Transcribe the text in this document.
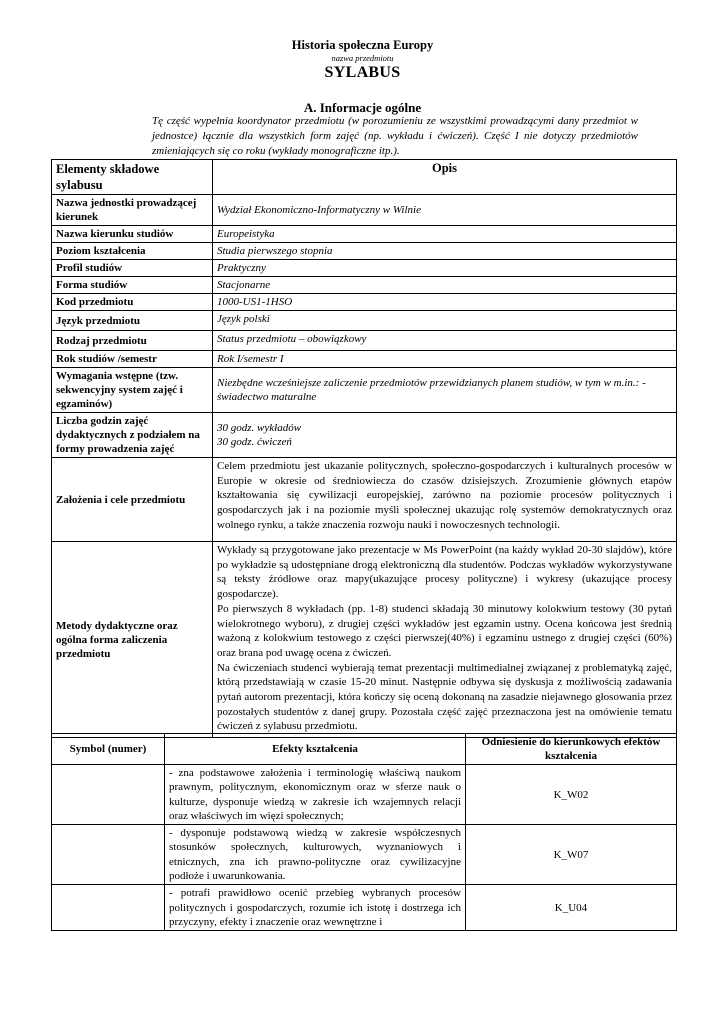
Historia społeczna Europy
nazwa przedmiotu
SYLABUS
A. Informacje ogólne
Tę część wypełnia koordynator przedmiotu (w porozumieniu ze wszystkimi prowadzącymi dany przedmiot w jednostce) łącznie dla wszystkich form zajęć (np. wykładu i ćwiczeń). Część I nie dotyczy przedmiotów zmieniających się co roku (wykłady monograficzne itp.).
Elementy składowe sylabusu	Opis
Nazwa jednostki prowadzącej kierunek	Wydział Ekonomiczno-Informatyczny w Wilnie
Nazwa kierunku studiów	Europeistyka
Poziom kształcenia	Studia pierwszego stopnia
Profil studiów	Praktyczny
Forma studiów	Stacjonarne
Kod przedmiotu	1000-US1-1HSO
Język przedmiotu	Język polski
Rodzaj przedmiotu	Status przedmiotu – obowiązkowy
Rok studiów /semestr	Rok I/semestr I
Wymagania wstępne (tzw. sekwencyjny system zajęć i egzaminów)	Niezbędne wcześniejsze zaliczenie przedmiotów przewidzianych planem studiów, w tym w m.in.: - świadectwo maturalne
Liczba godzin zajęć dydaktycznych z podziałem na formy prowadzenia zajęć	30 godz. wykładów
30 godz. ćwiczeń

Założenia i cele przedmiotu	Celem przedmiotu jest ukazanie politycznych, społeczno-gospodarczych i kulturalnych procesów w Europie w okresie od średniowiecza do czasów dzisiejszych. Zrozumienie głównych etapów kształtowania się cywilizacji europejskiej, zarówno na poziomie procesów politycznych i gospodarczych jak i na poziomie myśli społecznej ukazując rolę systemów demokratycznych oraz wolnego rynku, a także znaczenia rozwoju nauki i nowoczesnych technologii.
Metody dydaktyczne oraz ogólna forma zaliczenia przedmiotu	Wykłady są przygotowane jako prezentacje w Ms PowerPoint (na każdy wykład 20-30 slajdów), które po wykładzie są udostępniane drogą elektroniczną dla studentów. Podczas wykładów wykorzystywane są teksty źródłowe oraz mapy(ukazujące procesy polityczne) i wykresy (ukazujące procesy gospodarcze).
Po pierwszych 8 wykładach (pp. 1-8) studenci składają 30 minutowy kolokwium testowy (30 pytań wielokrotnego wyboru), z drugiej części wykładów jest egzamin ustny. Ocena końcowa jest średnią ważoną z kolokwium testowego z części pierwszej(40%) i egzaminu ustnego z drugiej części (60%) oraz brana pod uwagę ocena z ćwiczeń.
Na ćwiczeniach studenci wybierają temat prezentacji multimedialnej związanej z problematyką zajęć, którą przedstawiają w czasie 15-20 minut. Następnie odbywa się dyskusja z możliwością zadawania pytań autorom prezentacji, która kończy się oceną dokonaną na zasadzie niejawnego głosowania przez pozostałych studentów z danej grupy. Pozostała część zajęć przeznaczona jest na omówienie tematu ćwiczeń z sylabusu przedmiotu.
Symbol (numer)	Efekty kształcenia	Odniesienie do kierunkowych efektów kształcenia
	- zna podstawowe założenia i terminologię właściwą naukom prawnym, politycznym, ekonomicznym oraz w sferze nauk o kulturze, dysponuje wiedzą w zakresie ich wzajemnych relacji oraz właściwych im więzi społecznych;	K_W02
	- dysponuje podstawową wiedzą w zakresie współczesnych stosunków społecznych, kulturowych, wyznaniowych i etnicznych, zna ich prawno-polityczne oraz cywilizacyjne podłoże i uwarunkowania.	K_W07
	- potrafi prawidłowo ocenić przebieg wybranych procesów politycznych i gospodarczych, rozumie ich istotę i dostrzega ich przyczyny, efekty i znaczenie oraz wewnętrzne i	K_U04
